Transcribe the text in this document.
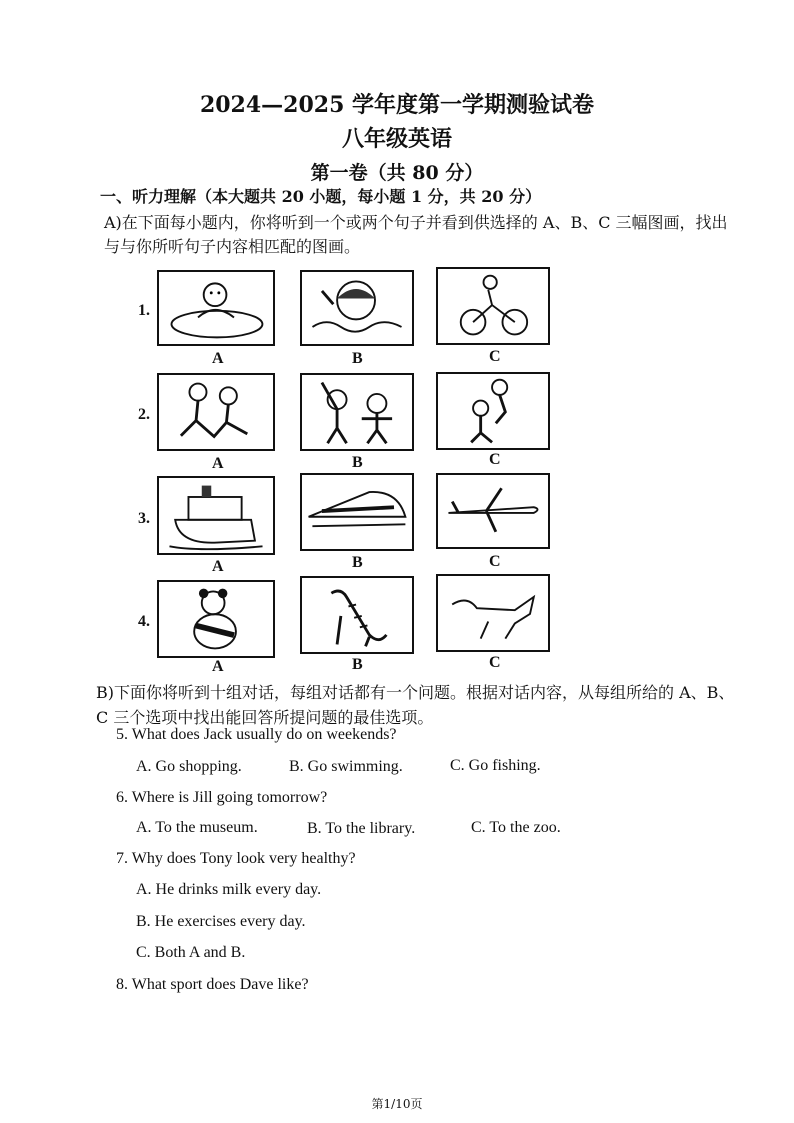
2024—2025 学年度第一学期测验试卷
八年级英语
第一卷（共 80 分）
一、听力理解（本大题共 20 小题，每小题 1 分，共 20 分）
A)在下面每小题内，你将听到一个或两个句子并看到供选择的 A、B、C 三幅图画，找出
与与你所听句子内容相匹配的图画。
1.
A	B	C
2.
A	B	C
3.
A	B	C
4.
A	B	C
B)下面你将听到十组对话，每组对话都有一个问题。根据对话内容，从每组所给的 A、B、
C 三个选项中找出能回答所提问题的最佳选项。
5. What does Jack usually do on weekends?
A. Go shopping.	B. Go swimming.	C. Go fishing.
6. Where is Jill going tomorrow?
A. To the museum.	B. To the library.	C. To the zoo.
7. Why does Tony look very healthy?
A. He drinks milk every day.
B. He exercises every day.
C. Both A and B.
8. What sport does Dave like?
第1/10页
